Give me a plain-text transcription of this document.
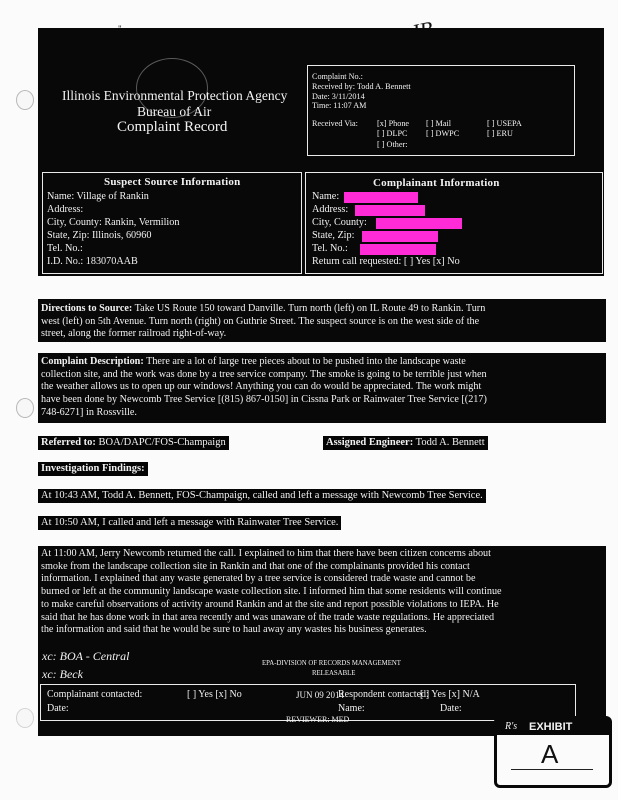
Illinois Environmental Protection Agency
Bureau of Air
Complaint Record
Complaint No.:
Received by: Todd A. Bennett
Date: 3/11/2014
Time: 11:07 AM
Received Via: [x] Phone [ ] Mail	[ ] USEPA
[ ] DLPC [ ] DWPC	[ ] ERU
[ ] Other:
Suspect Source Information
Name: Village of Rankin
Address:
City, County: Rankin, Vermilion
State, Zip: Illinois, 60960
Tel. No.:
I.D. No.: 183070AAB
Complainant Information
Name:
Address:
City, County:
State, Zip:
Tel. No.:
Return call requested: [ ] Yes [x] No
Directions to Source: Take US Route 150 toward Danville. Turn north (left) on IL Route 49 to Rankin. Turn
west (left) on 5th Avenue. Turn north (right) on Guthrie Street. The suspect source is on the west side of the
street, along the former railroad right-of-way.
Complaint Description: There are a lot of large tree pieces about to be pushed into the landscape waste
collection site, and the work was done by a tree service company. The smoke is going to be terrible just when
the weather allows us to open up our windows! Anything you can do would be appreciated. The work might
have been done by Newcomb Tree Service [(815) 867-0150] in Cissna Park or Rainwater Tree Service [(217)
748-6271] in Rossville.
Referred to: BOA/DAPC/FOS-Champaign	Assigned Engineer: Todd A. Bennett
Investigation Findings:
At 10:43 AM, Todd A. Bennett, FOS-Champaign, called and left a message with Newcomb Tree Service.
At 10:50 AM, I called and left a message with Rainwater Tree Service.
At 11:00 AM, Jerry Newcomb returned the call. I explained to him that there have been citizen concerns about
smoke from the landscape collection site in Rankin and that one of the complainants provided his contact
information. I explained that any waste generated by a tree service is considered trade waste and cannot be
burned or left at the community landscape waste collection site. I informed him that some residents will continue
to make careful observations of activity around Rankin and at the site and report possible violations to IEPA. He
said that he has done work in that area recently and was unaware of the trade waste regulations. He appreciated
the information and said that he would be sure to haul away any wastes his business generates.
xc: BOA - Central
xc: Beck
EPA-DIVISION OF RECORDS MANAGEMENT
RELEASABLE
Complainant contacted:	[ ] Yes [x] No
Date:
JUN 09 2014
Respondent contacted:
[ ] Yes [x] N/A
Name:	Date:
REVIEWER: MED
R's EXHIBIT
A
